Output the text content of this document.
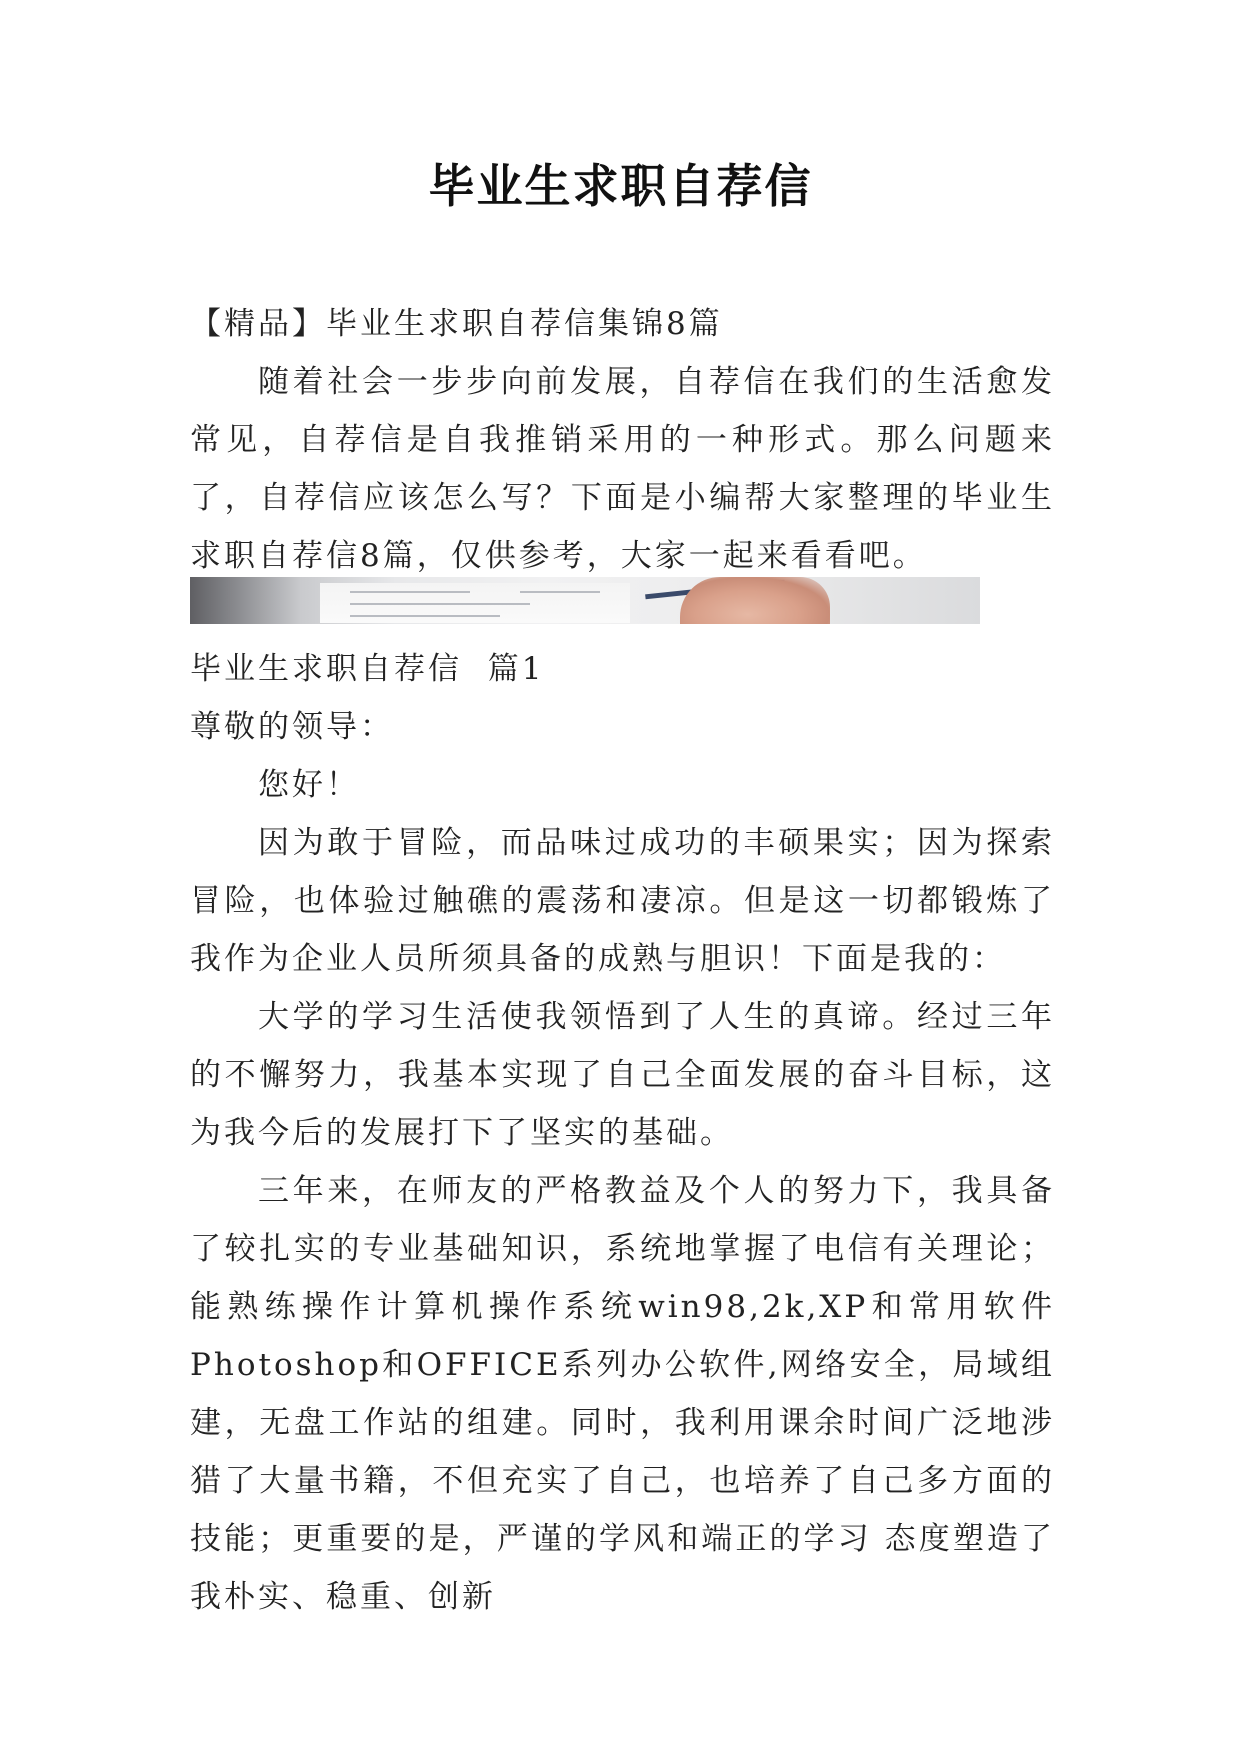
毕业生求职自荐信

【精品】毕业生求职自荐信集锦8篇

随着社会一步步向前发展，自荐信在我们的生活愈发常见，自荐信是自我推销采用的一种形式。那么问题来了，自荐信应该怎么写？下面是小编帮大家整理的毕业生求职自荐信8篇，仅供参考，大家一起来看看吧。

毕业生求职自荐信  篇1

尊敬的领导：

您好！

因为敢于冒险，而品味过成功的丰硕果实；因为探索冒险，也体验过触礁的震荡和凄凉。但是这一切都锻炼了我作为企业人员所须具备的成熟与胆识！下面是我的：

大学的学习生活使我领悟到了人生的真谛。经过三年的不懈努力，我基本实现了自己全面发展的奋斗目标，这为我今后的发展打下了坚实的基础。

三年来，在师友的严格教益及个人的努力下，我具备了较扎实的专业基础知识，系统地掌握了电信有关理论；能熟练操作计算机操作系统win98,2k,XP和常用软件Photoshop和OFFICE系列办公软件,网络安全，局域组建，无盘工作站的组建。同时，我利用课余时间广泛地涉猎了大量书籍，不但充实了自己，也培养了自己多方面的技能；更重要的是，严谨的学风和端正的学习 态度塑造了我朴实、稳重、创新
